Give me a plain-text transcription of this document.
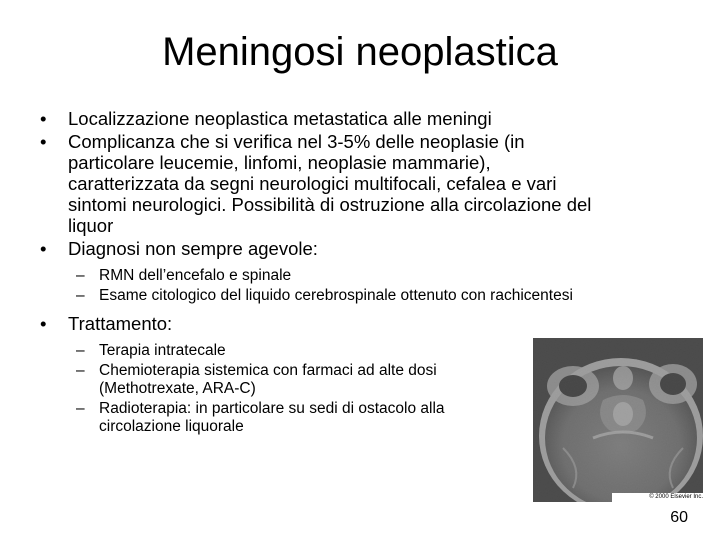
Meningosi neoplastica

• Localizzazione neoplastica metastatica alle meningi

• Complicanza che si verifica nel 3-5% delle neoplasie (in particolare leucemie, linfomi, neoplasie mammarie), caratterizzata da segni neurologici multifocali, cefalea e vari sintomi neurologici. Possibilità di ostruzione alla circolazione del liquor

• Diagnosi non sempre agevole:

– RMN dell’encefalo e spinale

– Esame citologico del liquido cerebrospinale ottenuto con rachicentesi

• Trattamento:

– Terapia intratecale

– Chemioterapia sistemica con farmaci ad alte dosi (Methotrexate, ARA-C)

– Radioterapia: in particolare su sedi di ostacolo alla circolazione liquorale

© 2000 Elsevier Inc.
60
